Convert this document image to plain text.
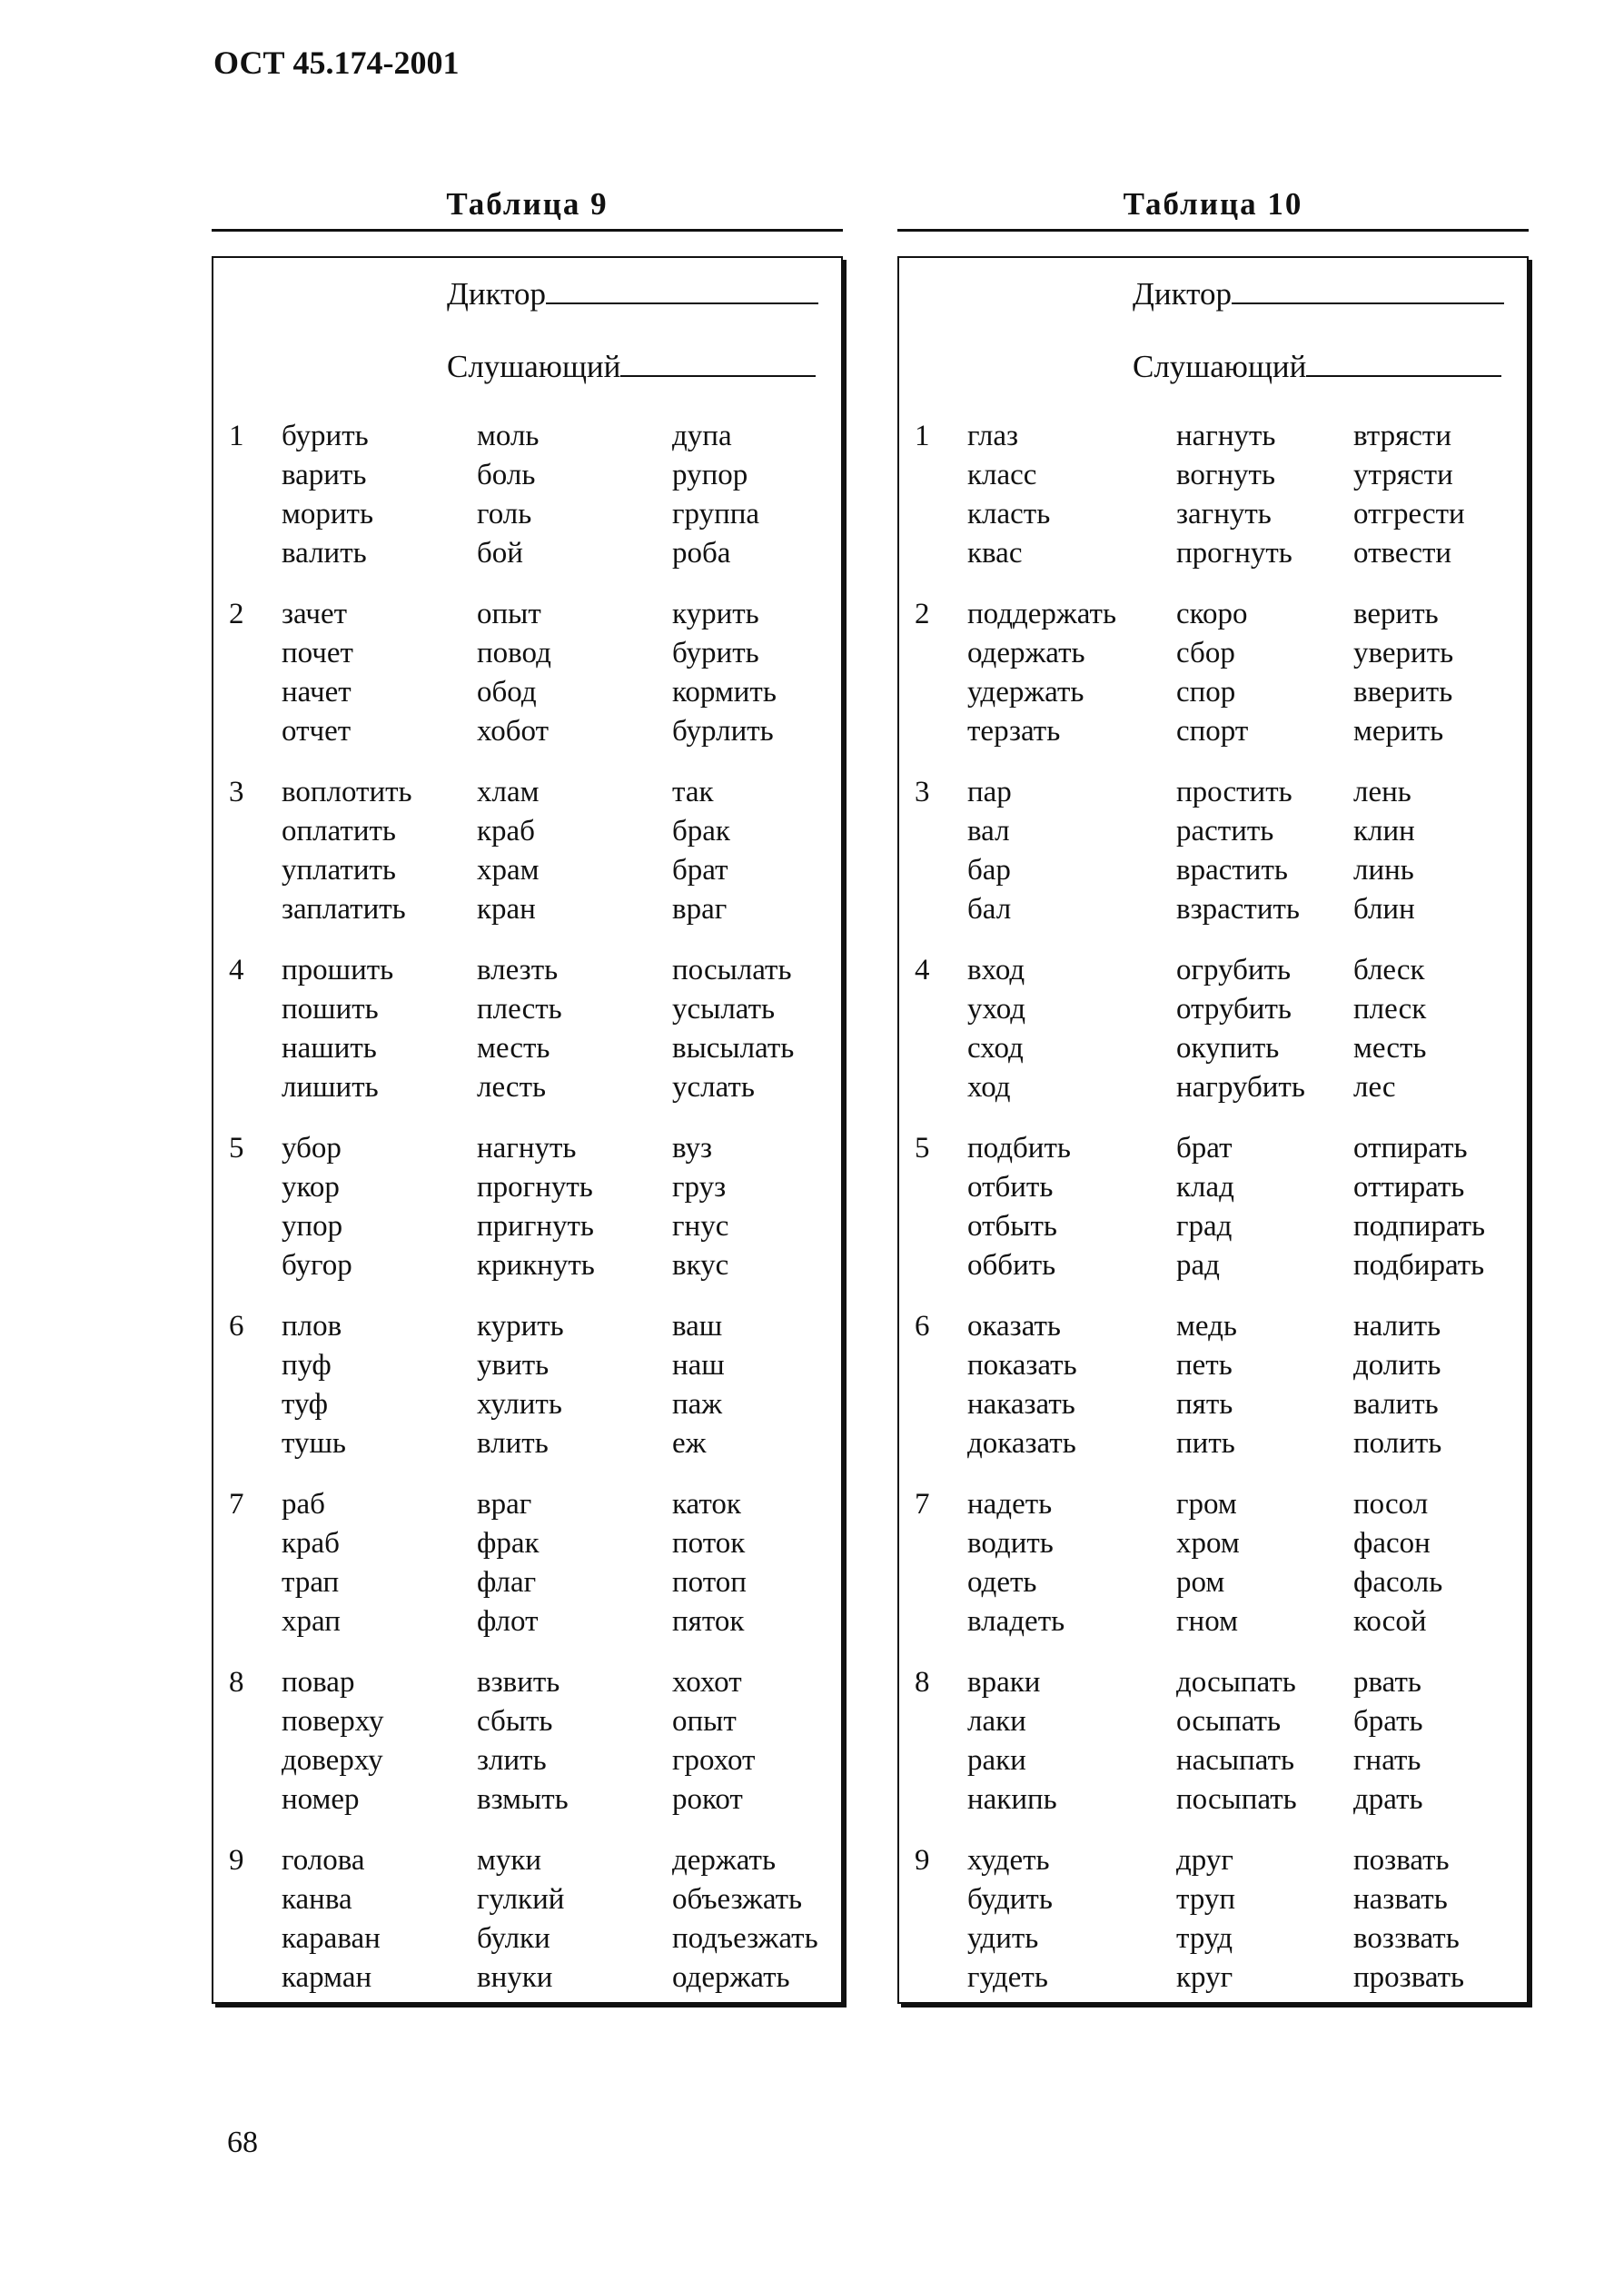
ОСТ 45.174-2001
Таблица 9
Диктор
Слушающий
1 бурить
варить
морить
валить
моль
боль
голь
бой
дупа
рупор
группа
роба
2 зачет
почет
начет
отчет
опыт
повод
обод
хобот
курить
бурить
кормить
бурлить
3 воплотить
оплатить
уплатить
заплатить
хлам
краб
храм
кран
так
брак
брат
враг
4 прошить
пошить
нашить
лишить
влезть
плесть
месть
лесть
посылать
усылать
высылать
услать
5 убор
укор
упор
бугор
нагнуть
прогнуть
пригнуть
крикнуть
вуз
груз
гнус
вкус
6 плов
пуф
туф
тушь
курить
увить
хулить
влить
ваш
наш
паж
еж
7 раб
краб
трап
храп
враг
фрак
флаг
флот
каток
поток
потоп
пяток
8 повар
поверху
доверху
номер
взвить
сбыть
злить
взмыть
хохот
опыт
грохот
рокот
9 голова
канва
караван
карман
муки
гулкий
булки
внуки
держать
объезжать
подъезжать
одержать
Таблица 10
Диктор
Слушающий
1 глаз
класс
класть
квас
нагнуть
вогнуть
загнуть
прогнуть
втрясти
утрясти
отгрести
отвести
2 поддержать
одержать
удержать
терзать
скоро
сбор
спор
спорт
верить
уверить
вверить
мерить
3 пар
вал
бар
бал
простить
растить
врастить
взрастить
лень
клин
линь
блин
4 вход
уход
сход
ход
огрубить
отрубить
окупить
нагрубить
блеск
плеск
месть
лес
5 подбить
отбить
отбыть
оббить
брат
клад
град
рад
отпирать
оттирать
подпирать
подбирать
6 оказать
показать
наказать
доказать
медь
петь
пять
пить
налить
долить
валить
полить
7 надеть
водить
одеть
владеть
гром
хром
ром
гном
посол
фасон
фасоль
косой
8 враки
лаки
раки
накипь
досыпать
осыпать
насыпать
посыпать
рвать
брать
гнать
драть
9 худеть
будить
удить
гудеть
друг
труп
труд
круг
позвать
назвать
воззвать
прозвать
68
